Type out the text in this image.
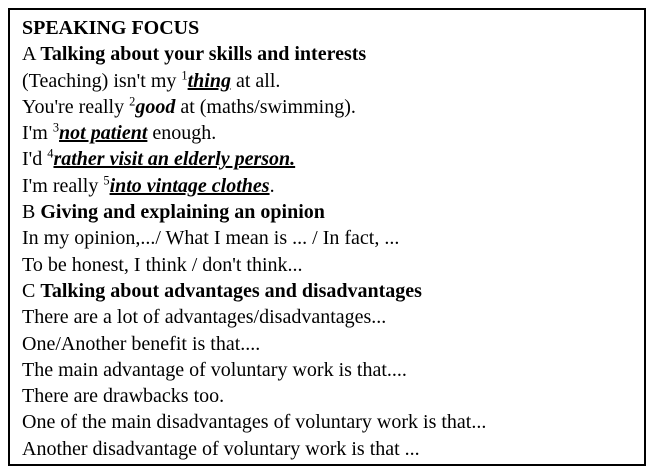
SPEAKING FOCUS
A Talking about your skills and interests
(Teaching) isn't my $^1$thing at all.
You're really $^2$good at (maths/swimming).
I'm $^3$not patient enough.
I'd $^4$rather visit an elderly person.
I'm really $^5$into vintage clothes.
B Giving and explaining an opinion
In my opinion,.../ What I mean is ... / In fact, ...
To be honest, I think / don't think...
C Talking about advantages and disadvantages
There are a lot of advantages/disadvantages...
One/Another benefit is that....
The main advantage of voluntary work is that....
There are drawbacks too.
One of the main disadvantages of voluntary work is that...
Another disadvantage of voluntary work is that ...
